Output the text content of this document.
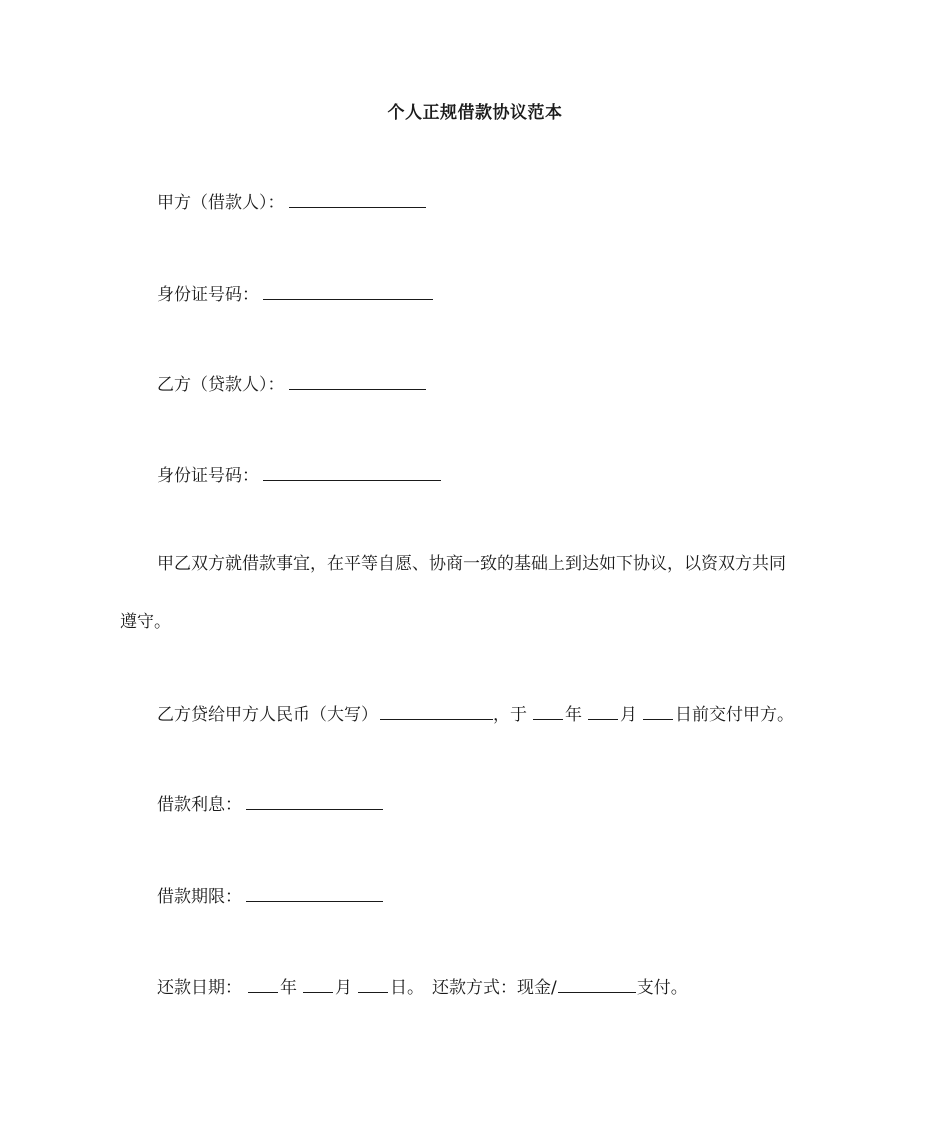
个人正规借款协议范本
甲方（借款人）：
身份证号码：
乙方（贷款人）：
身份证号码：
甲乙双方就借款事宜，在平等自愿、协商一致的基础上到达如下协议，以资双方共同
遵守。
乙方贷给甲方人民币（大写）	，于 年 月 日前交付甲方。
借款利息：
借款期限：
还款日期： 年 月 日。 还款方式：现金/	支付。
